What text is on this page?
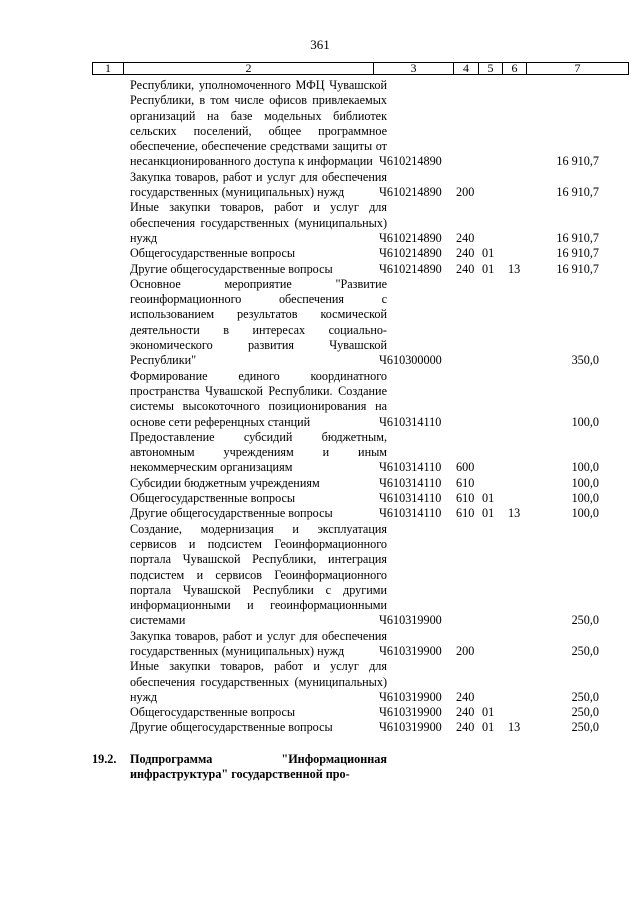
361
1	2	3	4	5	6	7
Республики, уполномоченного МФЦ Чувашской Республики, в том числе офисов привлекаемых организаций на базе модельных библиотек сельских поселений, общее программное обеспечение, обеспечение средствами защиты от несанкционированного доступа к информации Ч610214890	16 910,7
Закупка товаров, работ и услуг для обеспечения государственных (муниципальных) нужд	Ч610214890 200	16 910,7
Иные закупки товаров, работ и услуг для обеспечения государственных (муниципальных) нужд	Ч610214890 240	16 910,7
Общегосударственные вопросы	Ч610214890 240 01	16 910,7
Другие общегосударственные вопросы	Ч610214890 240 01 13	16 910,7
Основное мероприятие "Развитие геоинформационного обеспечения с использованием результатов космической деятельности в интересах социально-экономического развития Чувашской Республики"	Ч610300000	350,0
Формирование единого координатного пространства Чувашской Республики. Создание системы высокоточного позиционирования на основе сети референцных станций	Ч610314110	100,0
Предоставление субсидий бюджетным, автономным учреждениям и иным некоммерческим организациям	Ч610314110 600	100,0
Субсидии бюджетным учреждениям	Ч610314110 610	100,0
Общегосударственные вопросы	Ч610314110 610 01	100,0
Другие общегосударственные вопросы	Ч610314110 610 01 13	100,0
Создание, модернизация и эксплуатация сервисов и подсистем Геоинформационного портала Чувашской Республики, интеграция подсистем и сервисов Геоинформационного портала Чувашской Республики с другими информационными и геоинформационными системами	Ч610319900	250,0
Закупка товаров, работ и услуг для обеспечения государственных (муниципальных) нужд	Ч610319900 200	250,0
Иные закупки товаров, работ и услуг для обеспечения государственных (муниципальных) нужд	Ч610319900 240	250,0
Общегосударственные вопросы	Ч610319900 240 01	250,0
Другие общегосударственные вопросы	Ч610319900 240 01 13	250,0
19.2.	Подпрограмма "Информационная инфраструктура" государственной про-
